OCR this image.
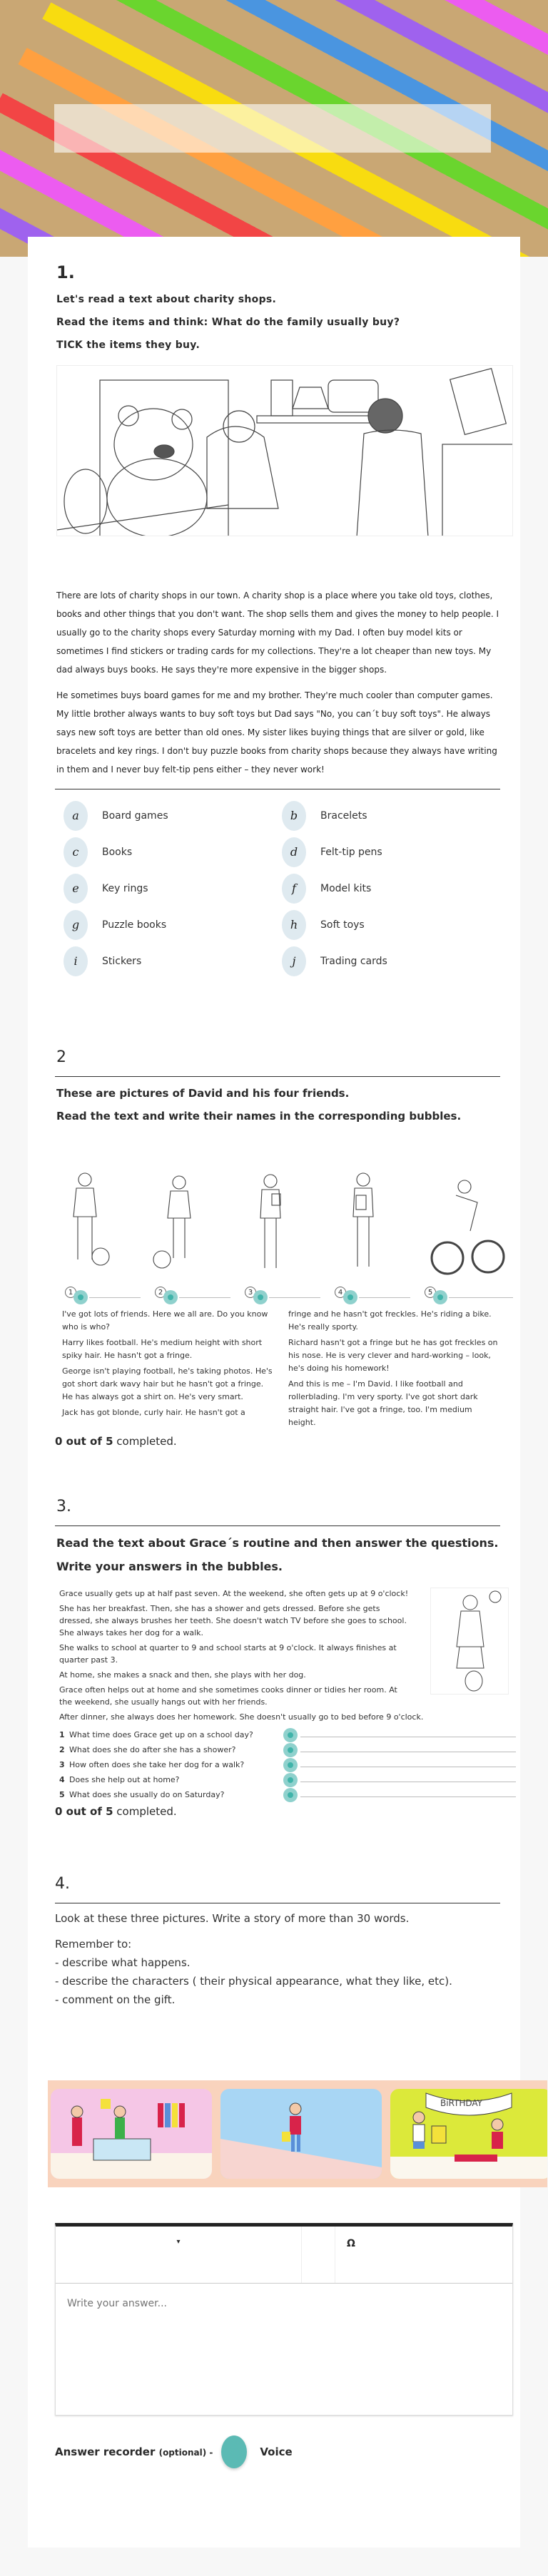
1.
Let's read a text about charity shops.
Read the items and think: What do the family usually buy?
TICK the items they buy.

There are lots of charity shops in our town. A charity shop is a place where you take old toys, clothes, books and other things that you don't want. The shop sells them and gives the money to help people. I usually go to the charity shops every Saturday morning with my Dad. I often buy model kits or sometimes I find stickers or trading cards for my collections. They're a lot cheaper than new toys. My dad always buys books. He says they're more expensive in the bigger shops.

He sometimes buys board games for me and my brother. They're much cooler than computer games. My little brother always wants to buy soft toys but Dad says "No, you can´t buy soft toys". He always says new soft toys are better than old ones. My sister likes buying things that are silver or gold, like bracelets and key rings. I don't buy puzzle books from charity shops because they always have writing in them and I never buy felt-tip pens either – they never work!

a	Board games	b	Bracelets
c	Books	d	Felt-tip pens
e	Key rings	f	Model kits
g	Puzzle books	h	Soft toys
i	Stickers	j	Trading cards
2
These are pictures of David and his four friends.
Read the text and write their names in the corresponding bubbles.
1	2	3	4	5

I've got lots of friends. Here we all are. Do you know who is who?

Harry likes football. He's medium height with short spiky hair. He hasn't got a fringe.

George isn't playing football, he's taking photos. He's got short dark wavy hair but he hasn't got a fringe. He has always got a shirt on. He's very smart.

Jack has got blonde, curly hair. He hasn't got a

fringe and he hasn't got freckles. He's riding a bike. He's really sporty.

Richard hasn't got a fringe but he has got freckles on his nose. He is very clever and hard-working – look, he's doing his homework!

And this is me – I'm David. I like football and rollerblading. I'm very sporty. I've got short dark straight hair. I've got a fringe, too. I'm medium height.

0 out of 5 completed.
3.
Read the text about Grace´s routine and then answer the questions.
Write your answers in the bubbles.

Grace usually gets up at half past seven. At the weekend, she often gets up at 9 o'clock!

She has her breakfast. Then, she has a shower and gets dressed. Before she gets dressed, she always brushes her teeth. She doesn't watch TV before she goes to school. She always takes her dog for a walk.

She walks to school at quarter to 9 and school starts at 9 o'clock. It always finishes at quarter past 3.

At home, she makes a snack and then, she plays with her dog.

Grace often helps out at home and she sometimes cooks dinner or tidies her room. At the weekend, she usually hangs out with her friends.

After dinner, she always does her homework. She doesn't usually go to bed before 9 o'clock.

1 What time does Grace get up on a school day?
2 What does she do after she has a shower?
3 How often does she take her dog for a walk?
4 Does she help out at home?
5 What does she usually do on Saturday?
0 out of 5 completed.
4.
Look at these three pictures. Write a story of more than 30 words.
Remember to:
- describe what happens.
- describe the characters ( their physical appearance, what they like, etc).
- comment on the gift.
BiRTHDAY
▾	Ω
Write your answer...
Answer recorder (optional) -	Voice
